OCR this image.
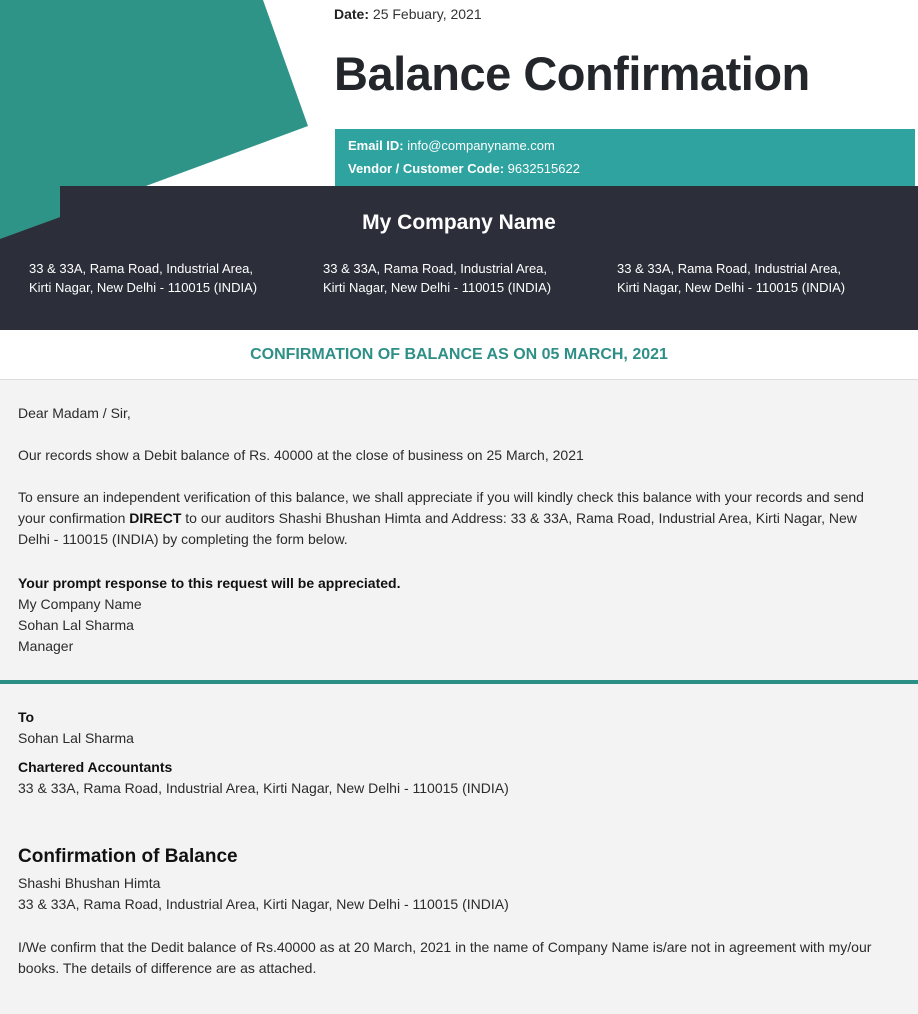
Date: 25 Febuary, 2021
Balance Confirmation
Email ID: info@companyname.com
Vendor / Customer Code: 9632515622
My Company Name
33 & 33A, Rama Road, Industrial Area,
Kirti Nagar, New Delhi - 110015 (INDIA)
33 & 33A, Rama Road, Industrial Area,
Kirti Nagar, New Delhi - 110015 (INDIA)
33 & 33A, Rama Road, Industrial Area,
Kirti Nagar, New Delhi - 110015 (INDIA)
CONFIRMATION OF BALANCE AS ON 05 MARCH, 2021
Dear Madam / Sir,
Our records show a Debit balance of Rs. 40000 at the close of business on 25 March, 2021
To ensure an independent verification of this balance, we shall appreciate if you will kindly check this balance with your records and send your confirmation DIRECT to our auditors Shashi Bhushan Himta and Address: 33 & 33A, Rama Road, Industrial Area, Kirti Nagar, New Delhi - 110015 (INDIA) by completing the form below.
Your prompt response to this request will be appreciated.
My Company Name
Sohan Lal Sharma
Manager
To
Sohan Lal Sharma
Chartered Accountants
33 & 33A, Rama Road, Industrial Area, Kirti Nagar, New Delhi - 110015 (INDIA)
Confirmation of Balance
Shashi Bhushan Himta
33 & 33A, Rama Road, Industrial Area, Kirti Nagar, New Delhi - 110015 (INDIA)
I/We confirm that the Dedit balance of Rs.40000 as at 20 March, 2021 in the name of Company Name is/are not in agreement with my/our books. The details of difference are as attached.
